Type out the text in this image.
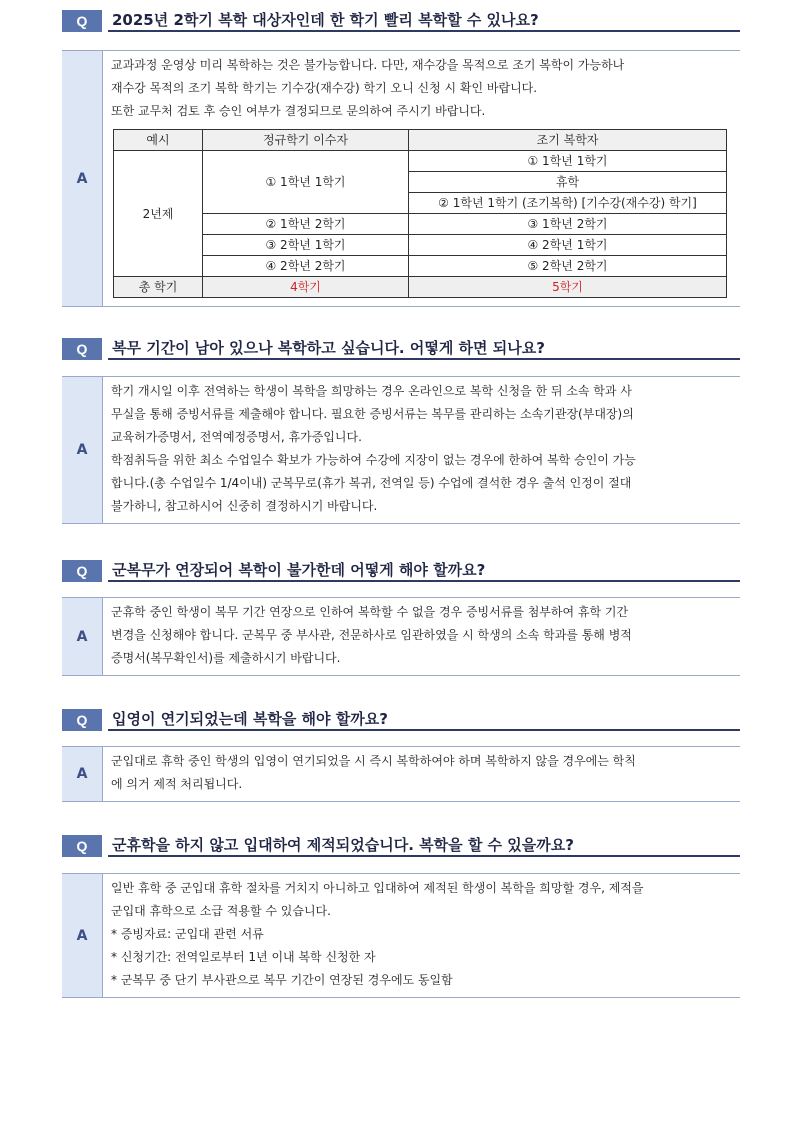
Q	2025년 2학기 복학 대상자인데 한 학기 빨리 복학할 수 있나요?
A

교과과정 운영상 미리 복학하는 것은 불가능합니다. 다만, 재수강을 목적으로 조기 복학이 가능하나

재수강 목적의 조기 복학 학기는 기수강(재수강) 학기 오니 신청 시 확인 바랍니다.

또한 교무처 검토 후 승인 여부가 결정되므로 문의하여 주시기 바랍니다.

예시	정규학기 이수자	조기 복학자
2년제	① 1학년 1학기	① 1학년 1학기
		휴학
		② 1학년 1학기 (조기복학) [기수강(재수강) 학기]
	② 1학년 2학기	③ 1학년 2학기
	③ 2학년 1학기	④ 2학년 1학기
	④ 2학년 2학기	⑤ 2학년 2학기
총 학기	4학기	5학기
Q	복무 기간이 남아 있으나 복학하고 싶습니다. 어떻게 하면 되나요?
A

학기 개시일 이후 전역하는 학생이 복학을 희망하는 경우 온라인으로 복학 신청을 한 뒤 소속 학과 사

무실을 통해 증빙서류를 제출해야 합니다. 필요한 증빙서류는 복무를 관리하는 소속기관장(부대장)의

교육허가증명서, 전역예정증명서, 휴가증입니다.

학점취득을 위한 최소 수업일수 확보가 가능하여 수강에 지장이 없는 경우에 한하여 복학 승인이 가능

합니다.(총 수업일수 1/4이내) 군복무로(휴가 복귀, 전역일 등) 수업에 결석한 경우 출석 인정이 절대

불가하니, 참고하시어 신중히 결정하시기 바랍니다.

Q	군복무가 연장되어 복학이 불가한데 어떻게 해야 할까요?
A

군휴학 중인 학생이 복무 기간 연장으로 인하여 복학할 수 없을 경우 증빙서류를 첨부하여 휴학 기간

변경을 신청해야 합니다. 군복무 중 부사관, 전문하사로 임관하였을 시 학생의 소속 학과를 통해 병적

증명서(복무확인서)를 제출하시기 바랍니다.

Q	입영이 연기되었는데 복학을 해야 할까요?
A

군입대로 휴학 중인 학생의 입영이 연기되었을 시 즉시 복학하여야 하며 복학하지 않을 경우에는 학칙

에 의거 제적 처리됩니다.

Q	군휴학을 하지 않고 입대하여 제적되었습니다. 복학을 할 수 있을까요?
A

일반 휴학 중 군입대 휴학 절차를 거치지 아니하고 입대하여 제적된 학생이 복학을 희망할 경우, 제적을

군입대 휴학으로 소급 적용할 수 있습니다.

* 증빙자료: 군입대 관련 서류

* 신청기간: 전역일로부터 1년 이내 복학 신청한 자

* 군복무 중 단기 부사관으로 복무 기간이 연장된 경우에도 동일함
